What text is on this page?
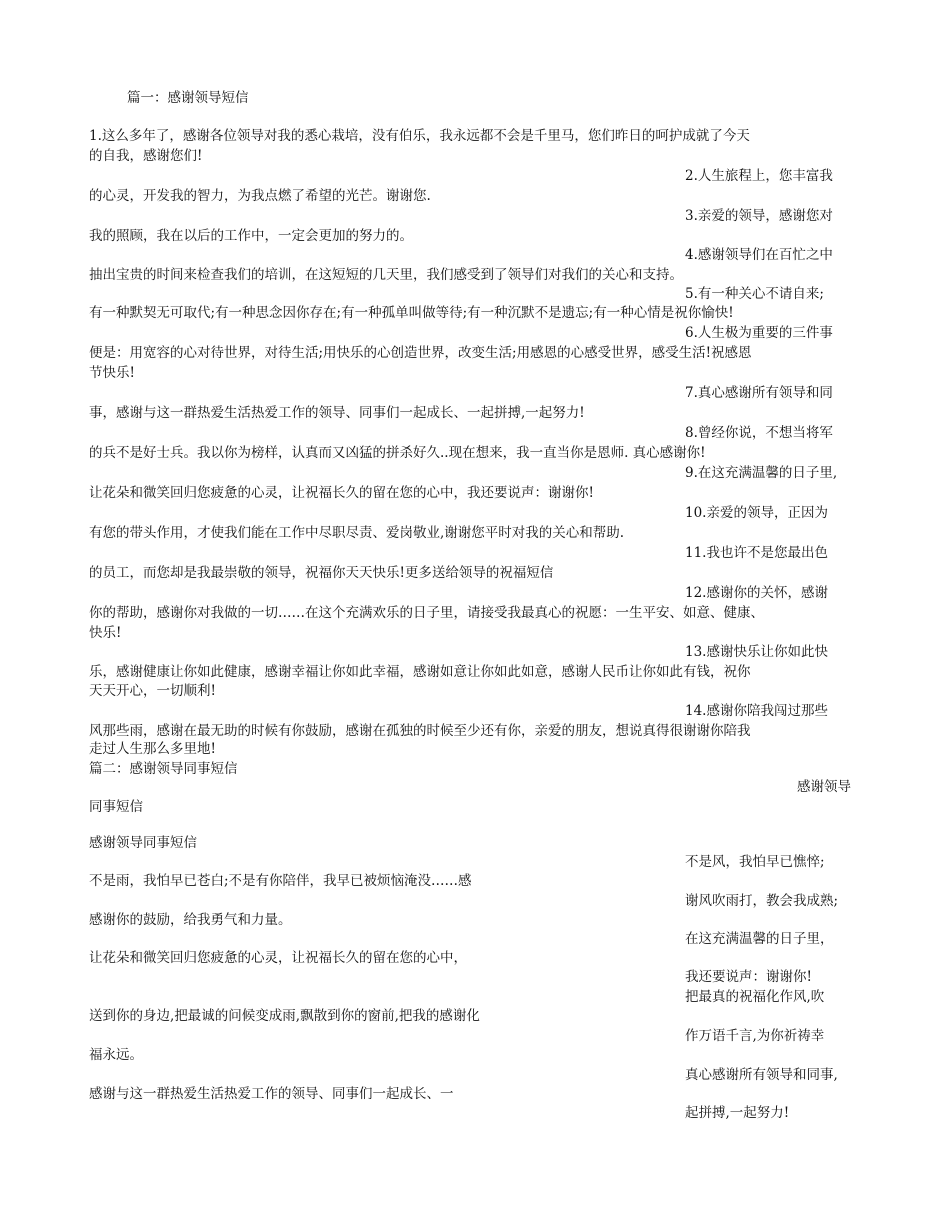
篇一：感谢领导短信
1.这么多年了，感谢各位领导对我的悉心栽培，没有伯乐，我永远都不会是千里马，您们昨日的呵护成就了今天
的自我，感谢您们!
2.人生旅程上，您丰富我
的心灵，开发我的智力，为我点燃了希望的光芒。谢谢您.
3.亲爱的领导，感谢您对
我的照顾，我在以后的工作中，一定会更加的努力的。
4.感谢领导们在百忙之中
抽出宝贵的时间来检查我们的培训，在这短短的几天里，我们感受到了领导们对我们的关心和支持。
5.有一种关心不请自来;
有一种默契无可取代;有一种思念因你存在;有一种孤单叫做等待;有一种沉默不是遗忘;有一种心情是祝你愉快!
6.人生极为重要的三件事
便是：用宽容的心对待世界，对待生活;用快乐的心创造世界，改变生活;用感恩的心感受世界，感受生活!祝感恩
节快乐!
7.真心感谢所有领导和同
事，感谢与这一群热爱生活热爱工作的领导、同事们一起成长、一起拼搏,一起努力!
8.曾经你说，不想当将军
的兵不是好士兵。我以你为榜样，认真而又凶猛的拼杀好久..现在想来，我一直当你是恩师. 真心感谢你!
9.在这充满温馨的日子里,
让花朵和微笑回归您疲惫的心灵，让祝福长久的留在您的心中，我还要说声：谢谢你!
10.亲爱的领导，正因为
有您的带头作用，才使我们能在工作中尽职尽责、爱岗敬业,谢谢您平时对我的关心和帮助.
11.我也许不是您最出色
的员工，而您却是我最崇敬的领导，祝福你天天快乐!更多送给领导的祝福短信
12.感谢你的关怀，感谢
你的帮助，感谢你对我做的一切……在这个充满欢乐的日子里，请接受我最真心的祝愿：一生平安、如意、健康、
快乐!
13.感谢快乐让你如此快
乐，感谢健康让你如此健康，感谢幸福让你如此幸福，感谢如意让你如此如意，感谢人民币让你如此有钱，祝你
天天开心，一切顺利!
14.感谢你陪我闯过那些
风那些雨，感谢在最无助的时候有你鼓励，感谢在孤独的时候至少还有你，亲爱的朋友，想说真得很谢谢你陪我
走过人生那么多里地!
篇二：感谢领导同事短信
感谢领导
同事短信
感谢领导同事短信
不是风，我怕早已憔悴;
不是雨，我怕早已苍白;不是有你陪伴，我早已被烦恼淹没……感
谢风吹雨打，教会我成熟;
感谢你的鼓励，给我勇气和力量。
在这充满温馨的日子里，
让花朵和微笑回归您疲惫的心灵，让祝福长久的留在您的心中，
我还要说声：谢谢你!
把最真的祝福化作风,吹
送到你的身边,把最诚的问候变成雨,飘散到你的窗前,把我的感谢化
作万语千言,为你祈祷幸
福永远。
真心感谢所有领导和同事,
感谢与这一群热爱生活热爱工作的领导、同事们一起成长、一
起拼搏,一起努力!
